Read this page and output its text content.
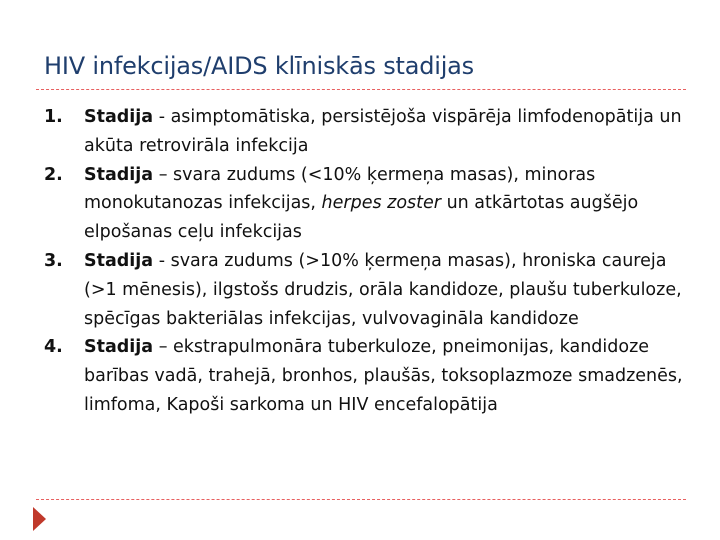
HIV infekcijas/AIDS klīniskās stadijas
1. Stadija - asimptomātiska, persistējoša vispārēja limfodenopātija un akūta retrovirāla infekcija
2. Stadija – svara zudums (<10% ķermeņa masas), minoras monokutanozas infekcijas, herpes zoster un atkārtotas augšējo elpošanas ceļu infekcijas
3. Stadija - svara zudums (>10% ķermeņa masas), hroniska caureja (>1 mēnesis), ilgstošs drudzis, orāla kandidoze, plaušu tuberkuloze, spēcīgas bakteriālas infekcijas, vulvovagināla kandidoze
4. Stadija – ekstrapulmonāra tuberkuloze, pneimonijas, kandidoze barības vadā, trahejā, bronhos, plaušās, toksoplazmoze smadzenēs, limfoma, Kapoši sarkoma un HIV encefalopātija
